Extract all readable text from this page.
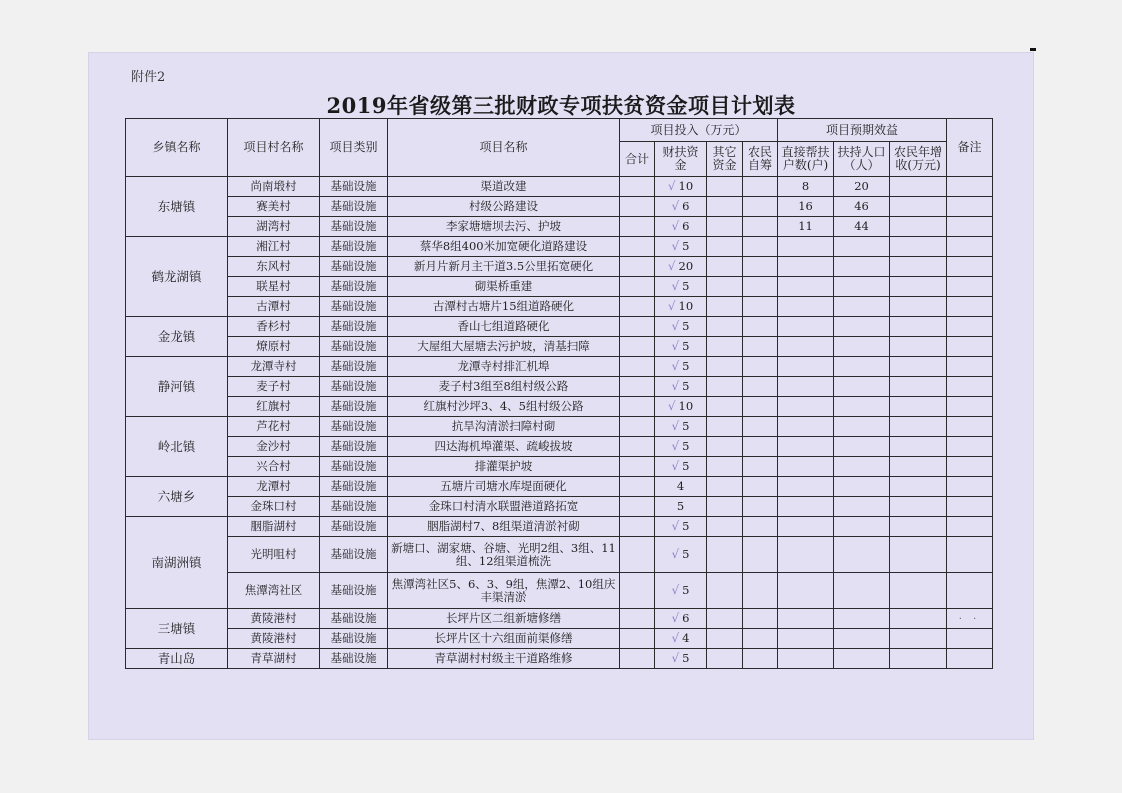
附件2
2019年省级第三批财政专项扶贫资金项目计划表
乡镇名称	项目村名称	项目类别	项目名称	项目投入（万元）				项目预期效益			备注
				合计	财扶资金	其它资金	农民自筹	直接帮扶户数(户)	扶持人口（人）	农民年增收(万元)	
东塘镇	尚南塅村	基础设施	渠道改建		√ 10			8	20		
	赛美村	基础设施	村级公路建设		√ 6			16	46		
	湖湾村	基础设施	李家塘塘坝去污、护坡		√ 6			11	44		
鹤龙湖镇	湘江村	基础设施	蔡华8组400米加宽硬化道路建设		√ 5						
	东风村	基础设施	新月片新月主干道3.5公里拓宽硬化		√ 20						
	联星村	基础设施	砌渠桥重建		√ 5						
	古潭村	基础设施	古潭村古塘片15组道路硬化		√ 10						
金龙镇	香杉村	基础设施	香山七组道路硬化		√ 5						
	燎原村	基础设施	大屋组大屋塘去污护坡，清基扫障		√ 5						
静河镇	龙潭寺村	基础设施	龙潭寺村排汇机埠		√ 5						
	麦子村	基础设施	麦子村3组至8组村级公路		√ 5						
	红旗村	基础设施	红旗村沙坪3、4、5组村级公路		√ 10						
岭北镇	芦花村	基础设施	抗旱沟清淤扫障村砌		√ 5						
	金沙村	基础设施	四达海机埠灌渠、疏峻拔坡		√ 5						
	兴合村	基础设施	排灌渠护坡		√ 5						
六塘乡	龙潭村	基础设施	五塘片司塘水库堤面硬化		4						
	金珠口村	基础设施	金珠口村清水联盟港道路拓宽		5						
南湖洲镇	胭脂湖村	基础设施	胭脂湖村7、8组渠道清淤衬砌		√ 5						
	光明咀村	基础设施	新塘口、湖家塘、谷塘、光明2组、3组、11组、12组渠道梳洗		√ 5						
	焦潭湾社区	基础设施	焦潭湾社区5、6、3、9组，焦潭2、10组庆丰渠清淤		√ 5						
三塘镇	黄陵港村	基础设施	长坪片区二组新塘修缮		√ 6						· ·
	黄陵港村	基础设施	长坪片区十六组面前渠修缮		√ 4						
青山岛	青草湖村	基础设施	青草湖村村级主干道路维修		√ 5						
